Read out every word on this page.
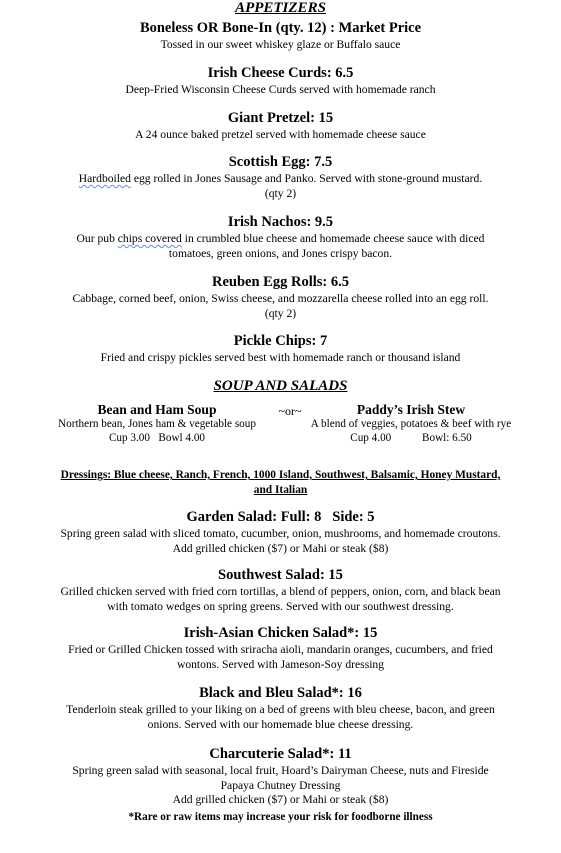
APPETIZERS
Boneless OR Bone-In (qty. 12) : Market Price
Tossed in our sweet whiskey glaze or Buffalo sauce
Irish Cheese Curds: 6.5
Deep-Fried Wisconsin Cheese Curds served with homemade ranch
Giant Pretzel: 15
A 24 ounce baked pretzel served with homemade cheese sauce
Scottish Egg: 7.5
Hardboiled egg rolled in Jones Sausage and Panko. Served with stone-ground mustard.
(qty 2)
Irish Nachos: 9.5
Our pub chips covered in crumbled blue cheese and homemade cheese sauce with diced
tomatoes, green onions, and Jones crispy bacon.
Reuben Egg Rolls: 6.5
Cabbage, corned beef, onion, Swiss cheese, and mozzarella cheese rolled into an egg roll.
(qty 2)
Pickle Chips: 7
Fried and crispy pickles served best with homemade ranch or thousand island
SOUP AND SALADS
Bean and Ham Soup
Northern bean, Jones ham & vegetable soup
Cup 3.00 Bowl 4.00
~or~	Paddy’s Irish Stew
A blend of veggies, potatoes & beef with rye
Cup 4.00	Bowl: 6.50
Dressings: Blue cheese, Ranch, French, 1000 Island, Southwest, Balsamic, Honey Mustard,
and Italian
Garden Salad: Full: 8   Side: 5
Spring green salad with sliced tomato, cucumber, onion, mushrooms, and homemade croutons.
Add grilled chicken ($7) or Mahi or steak ($8)
Southwest Salad: 15
Grilled chicken served with fried corn tortillas, a blend of peppers, onion, corn, and black bean
with tomato wedges on spring greens. Served with our southwest dressing.
Irish-Asian Chicken Salad*: 15
Fried or Grilled Chicken tossed with sriracha aioli, mandarin oranges, cucumbers, and fried
wontons. Served with Jameson-Soy dressing
Black and Bleu Salad*: 16
Tenderloin steak grilled to your liking on a bed of greens with bleu cheese, bacon, and green
onions. Served with our homemade blue cheese dressing.
Charcuterie Salad*: 11
Spring green salad with seasonal, local fruit, Hoard’s Dairyman Cheese, nuts and Fireside
Papaya Chutney Dressing
Add grilled chicken ($7) or Mahi or steak ($8)
*Rare or raw items may increase your risk for foodborne illness
